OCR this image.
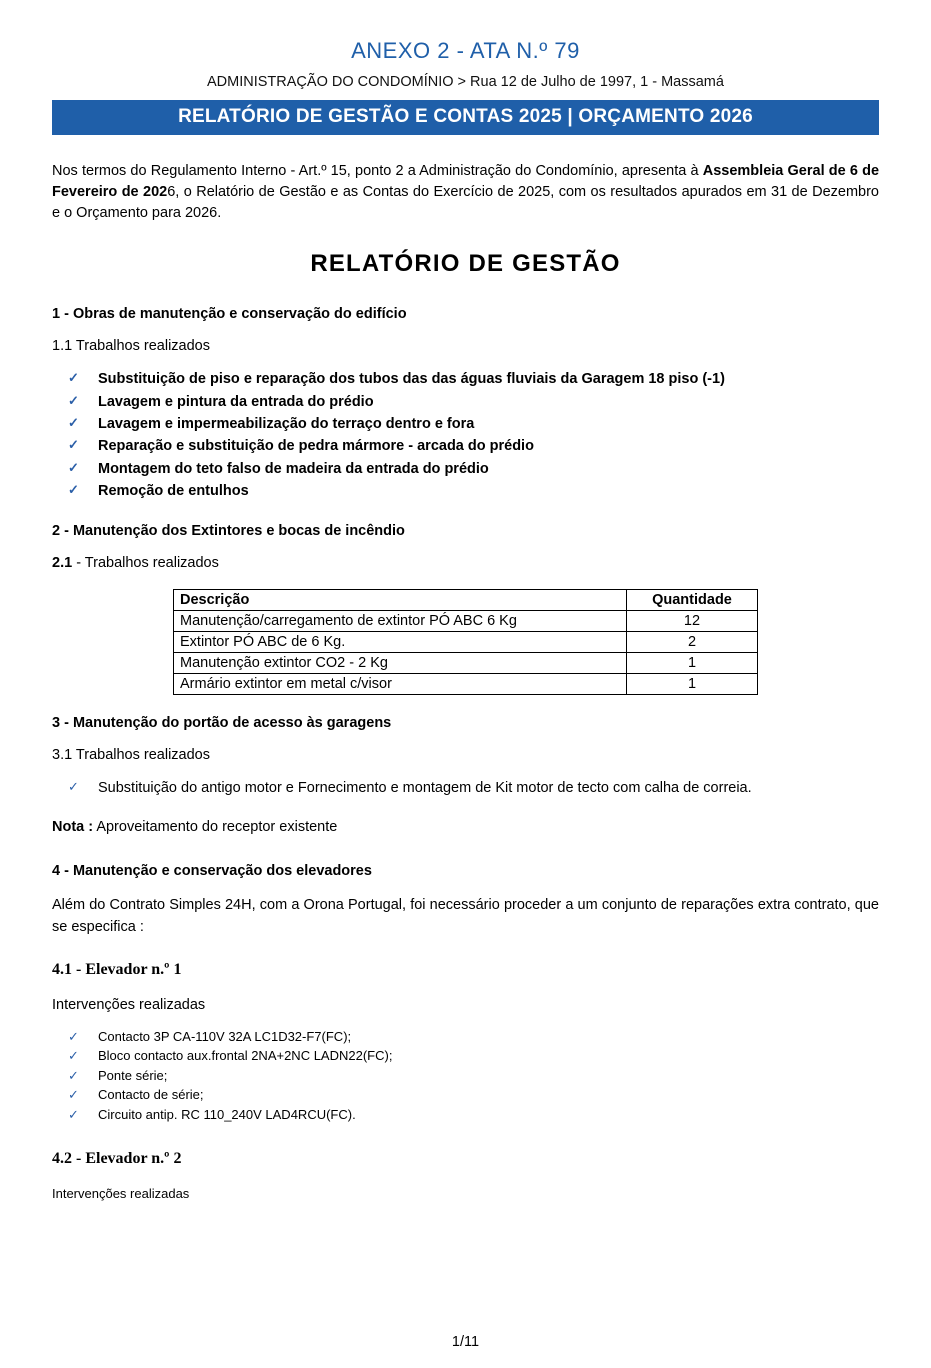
ANEXO 2 - ATA N.º 79
ADMINISTRAÇÃO DO CONDOMÍNIO > Rua 12 de Julho de 1997, 1 - Massamá
RELATÓRIO DE GESTÃO E CONTAS 2025 | ORÇAMENTO 2026

Nos termos do Regulamento Interno - Art.º 15, ponto 2 a Administração do Condomínio, apresenta à Assembleia Geral de 6 de Fevereiro de 2026, o Relatório de Gestão e as Contas do Exercício de 2025, com os resultados apurados em 31 de Dezembro e o Orçamento para 2026.

RELATÓRIO DE GESTÃO
1 - Obras de manutenção e conservação do edifício
1.1 Trabalhos realizados
✓ Substituição de piso e reparação dos tubos das das águas fluviais da Garagem 18 piso (-1)
✓ Lavagem e pintura da entrada do prédio
✓ Lavagem e impermeabilização do terraço dentro e fora
✓ Reparação e substituição de pedra mármore - arcada do prédio
✓ Montagem do teto falso de madeira da entrada do prédio
✓ Remoção de entulhos
2 - Manutenção dos Extintores e bocas de incêndio
2.1 - Trabalhos realizados
Descrição	Quantidade
Manutenção/carregamento de extintor PÓ ABC 6 Kg	12
Extintor PÓ ABC de 6 Kg.	2
Manutenção extintor CO2 - 2 Kg	1
Armário extintor em metal c/visor	1
3 - Manutenção do portão de acesso às garagens
3.1 Trabalhos realizados
✓ Substituição do antigo motor e Fornecimento e montagem de Kit motor de tecto com calha de correia.
Nota : Aproveitamento do receptor existente
4 - Manutenção e conservação dos elevadores

Além do Contrato Simples 24H, com a Orona Portugal, foi necessário proceder a um conjunto de reparações extra contrato, que se especifica :

4.1 - Elevador n.º 1
Intervenções realizadas
✓ Contacto 3P CA-110V 32A LC1D32-F7(FC);
✓ Bloco contacto aux.frontal 2NA+2NC LADN22(FC);
✓ Ponte série;
✓ Contacto de série;
✓ Circuito antip. RC 110_240V LAD4RCU(FC).
4.2 - Elevador n.º 2
Intervenções realizadas
1/11
